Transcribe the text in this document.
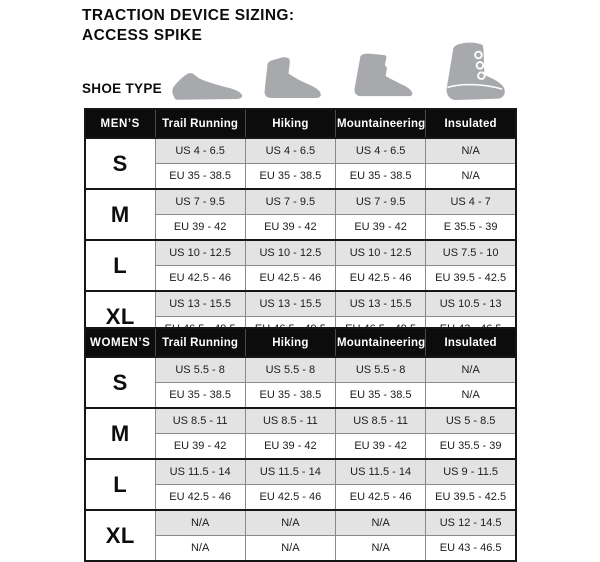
TRACTION DEVICE SIZING:
ACCESS SPIKE
SHOE TYPE
MEN’S	Trail Running	Hiking	Mountaineering	Insulated
S	US 4 - 6.5	US 4 - 6.5	US 4 - 6.5	N/A
	EU 35 - 38.5	EU 35 - 38.5	EU 35 - 38.5	N/A
M	US 7 - 9.5	US 7 - 9.5	US 7 - 9.5	US 4 - 7
	EU 39 - 42	EU 39 - 42	EU 39 - 42	E 35.5 - 39
L	US 10 - 12.5	US 10 - 12.5	US 10 - 12.5	US 7.5 - 10
	EU 42.5 - 46	EU 42.5 - 46	EU 42.5 - 46	EU 39.5 - 42.5
XL	US 13 - 15.5	US 13 - 15.5	US 13 - 15.5	US 10.5 - 13

WOMEN’S	Trail Running	Hiking	Mountaineering	Insulated
S	US 5.5 - 8	US 5.5 - 8	US 5.5 - 8	N/A
	EU 35 - 38.5	EU 35 - 38.5	EU 35 - 38.5	N/A
M	US 8.5 - 11	US 8.5 - 11	US 8.5 - 11	US 5 - 8.5
	EU 39 - 42	EU 39 - 42	EU 39 - 42	EU 35.5 - 39
L	US 11.5 - 14	US 11.5 - 14	US 11.5 - 14	US 9 - 11.5
	EU 42.5 - 46	EU 42.5 - 46	EU 42.5 - 46	EU 39.5 - 42.5
XL	N/A	N/A	N/A	US 12 - 14.5
	N/A	N/A	N/A	EU 43 - 46.5
